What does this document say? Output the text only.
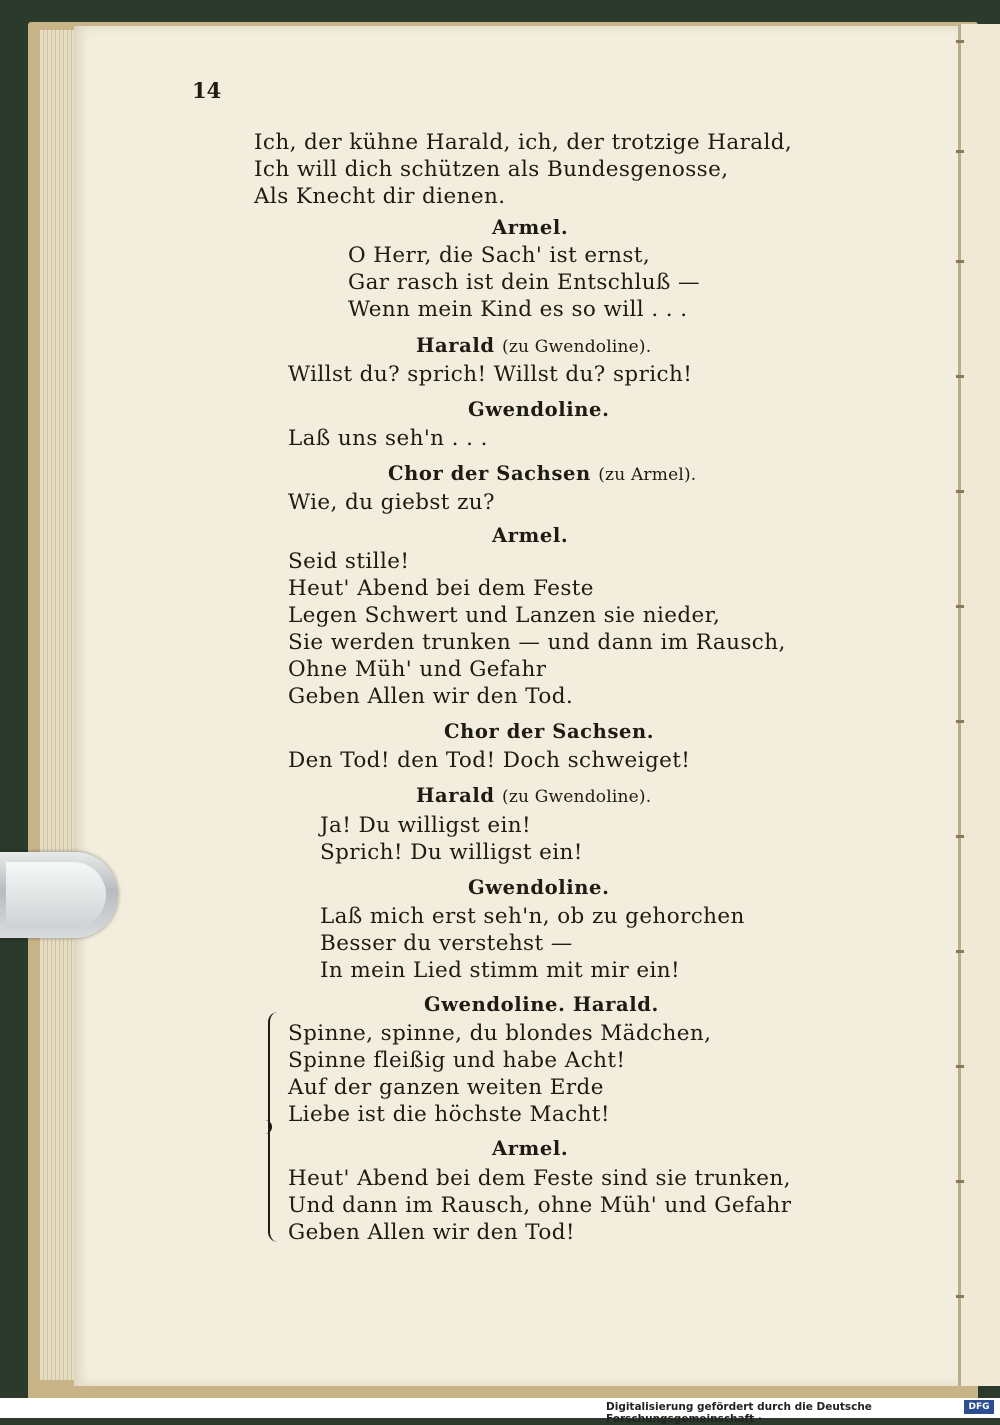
14
Ich, der kühne Harald, ich, der trotzige Harald,
Ich will dich schützen als Bundesgenosse,
Als Knecht dir dienen.
Armel.
O Herr, die Sach' ist ernst,
Gar rasch ist dein Entschluß —
Wenn mein Kind es so will . . .
Harald (zu Gwendoline).
Willst du? sprich! Willst du? sprich!
Gwendoline.
Laß uns seh'n . . .
Chor der Sachsen (zu Armel).
Wie, du giebst zu?
Armel.
Seid stille!
Heut' Abend bei dem Feste
Legen Schwert und Lanzen sie nieder,
Sie werden trunken — und dann im Rausch,
Ohne Müh' und Gefahr
Geben Allen wir den Tod.
Chor der Sachsen.
Den Tod! den Tod! Doch schweiget!
Harald (zu Gwendoline).
Ja! Du willigst ein!
Sprich! Du willigst ein!
Gwendoline.
Laß mich erst seh'n, ob zu gehorchen
Besser du verstehst —
In mein Lied stimm mit mir ein!
Gwendoline. Harald.
Spinne, spinne, du blondes Mädchen,
Spinne fleißig und habe Acht!
Auf der ganzen weiten Erde
Liebe ist die höchste Macht!
Armel.
Heut' Abend bei dem Feste sind sie trunken,
Und dann im Rausch, ohne Müh' und Gefahr
Geben Allen wir den Tod!
Digitalisierung gefördert durch die Deutsche Forschungsgemeinschaft ·
DFG
